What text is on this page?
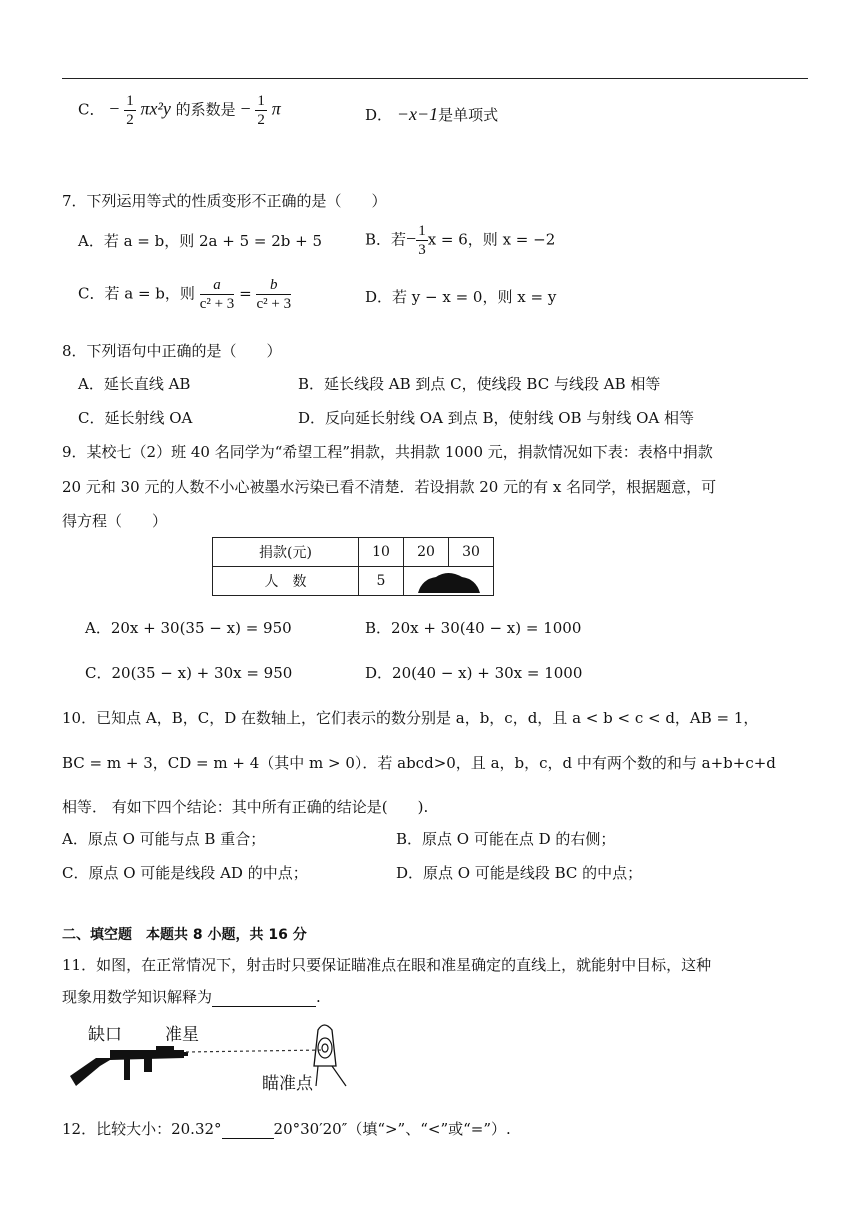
C． − $\frac{1}{2} \pi x^2y$ 的系数是 − $\frac{1}{2}$ π	D． −x−1是单项式
7．下列运用等式的性质变形不正确的是（　　）
A．若 a = b，则 2a + 5 = 2b + 5	B．若− $\frac{1}{3}$ x = 6，则 x = −2
C．若 a = b，则 $\frac{a}{\text{c² + 3}} = \frac{b}{\text{c² + 3}}$	D．若 y − x = 0，则 x = y
8．下列语句中正确的是（　　）
A．延长直线 AB	B．延长线段 AB 到点 C，使线段 BC 与线段 AB 相等
C．延长射线 OA	D．反向延长射线 OA 到点 B，使射线 OB 与射线 OA 相等
9．某校七（2）班 40 名同学为“希望工程”捐款，共捐款 1000 元，捐款情况如下表：表格中捐款
20 元和 30 元的人数不小心被墨水污染已看不清楚．若设捐款 20 元的有 x 名同学，根据题意，可
得方程（　　）
捐款(元)	10	20	30
人　数	5	
A．20x + 30(35 − x) = 950	B．20x + 30(40 − x) = 1000
C．20(35 − x) + 30x = 950	D．20(40 − x) + 30x = 1000
10．已知点 A，B，C，D 在数轴上，它们表示的数分别是 a，b，c，d，且 a < b < c < d，AB = 1，
BC = m + 3，CD = m + 4（其中 m > 0）．若 abcd>0，且 a，b，c，d 中有两个数的和与 a+b+c+d
相等． 有如下四个结论：其中所有正确的结论是(　　).
A．原点 O 可能与点 B 重合；	B．原点 O 可能在点 D 的右侧；
C．原点 O 可能是线段 AD 的中点；	D．原点 O 可能是线段 BC 的中点；
二、填空题　本题共 8 小题，共 16 分
11．如图，在正常情况下，射击时只要保证瞄准点在眼和准星确定的直线上，就能射中目标，这种
现象用数学知识解释为	.
缺口	准星
瞄准点
12．比较大小：20.32°	20°30′20″（填“>”、“<”或“=”）.
